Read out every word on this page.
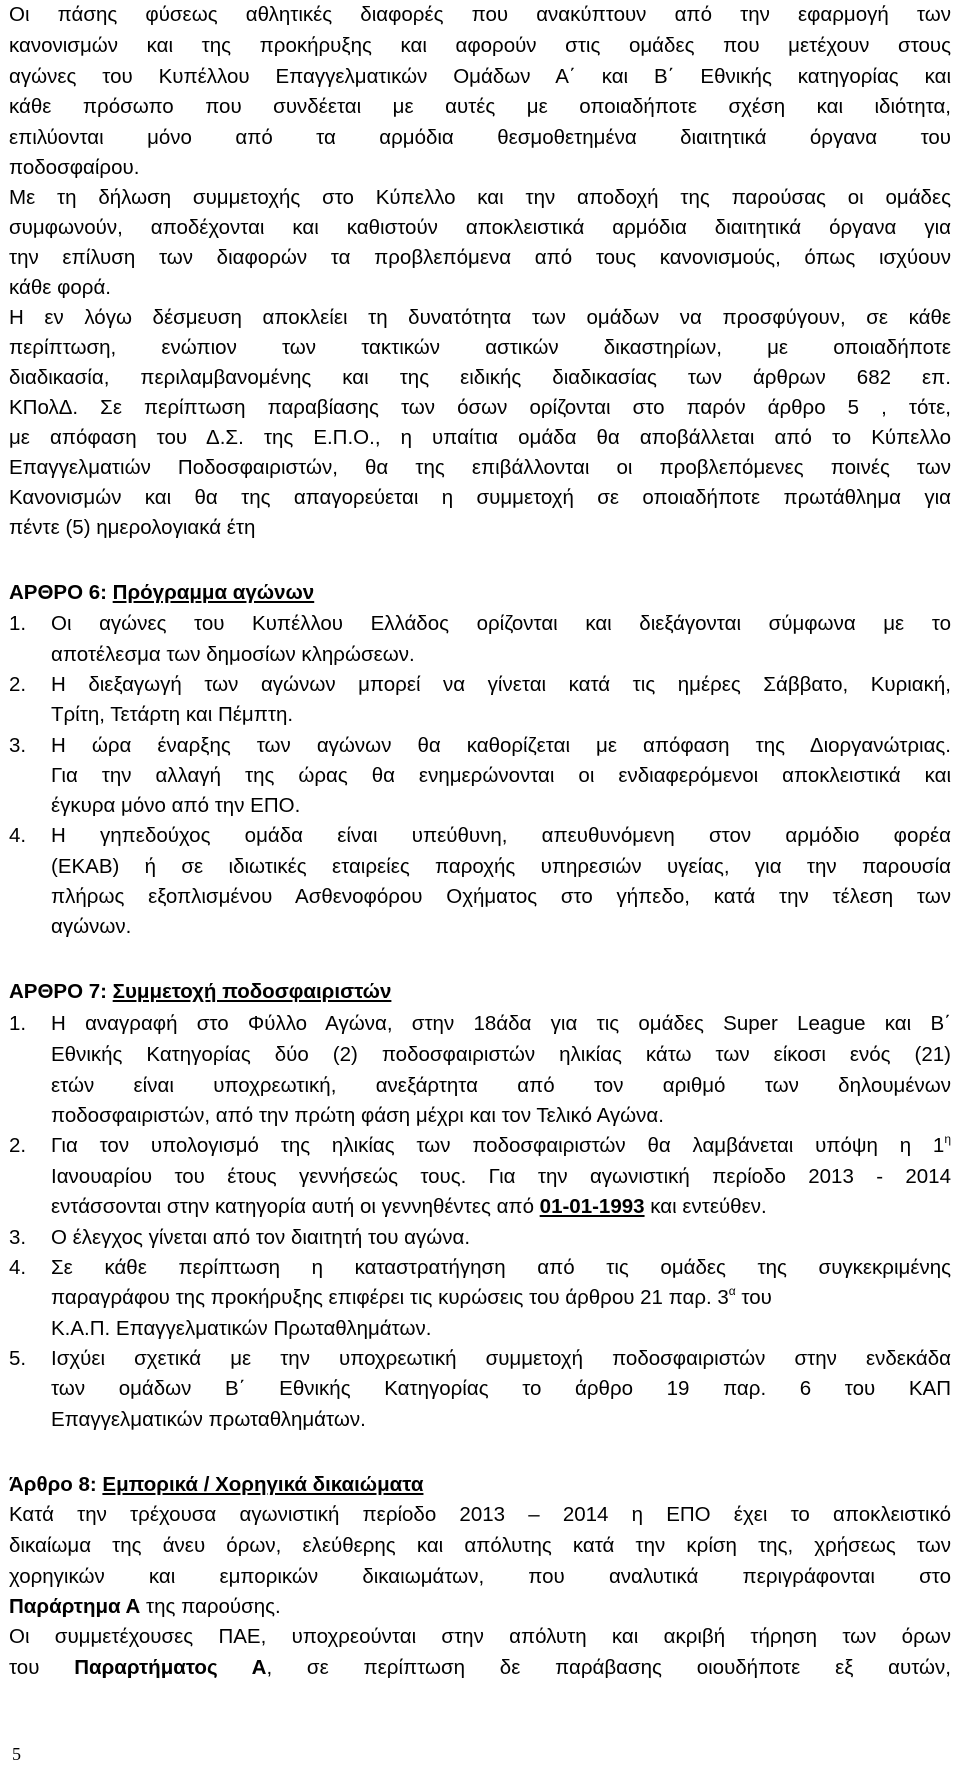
Οι πάσης φύσεως αθλητικές διαφορές που ανακύπτουν από την εφαρμογή των
κανονισμών και της προκήρυξης και αφορούν στις ομάδες που μετέχουν στους
αγώνες του Κυπέλλου Επαγγελματικών Ομάδων Α΄ και Β΄ Εθνικής κατηγορίας και
κάθε πρόσωπο που συνδέεται με αυτές με οποιαδήποτε σχέση και ιδιότητα,
επιλύονται μόνο από τα αρμόδια θεσμοθετημένα διαιτητικά όργανα του
ποδοσφαίρου.
Με τη δήλωση συμμετοχής στο Κύπελλο και την αποδοχή της παρούσας οι ομάδες
συμφωνούν, αποδέχονται και καθιστούν αποκλειστικά αρμόδια διαιτητικά όργανα για
την επίλυση των διαφορών τα προβλεπόμενα από τους κανονισμούς, όπως ισχύουν
κάθε φορά.
Η εν λόγω δέσμευση αποκλείει τη δυνατότητα των ομάδων να προσφύγουν, σε κάθε
περίπτωση, ενώπιον των τακτικών αστικών δικαστηρίων, με οποιαδήποτε
διαδικασία, περιλαμβανομένης και της ειδικής διαδικασίας των άρθρων 682 επ.
ΚΠολΔ. Σε περίπτωση παραβίασης των όσων ορίζονται στο παρόν άρθρο 5 , τότε,
με απόφαση του Δ.Σ. της Ε.Π.Ο., η υπαίτια ομάδα θα αποβάλλεται από το Κύπελλο
Επαγγελματιών Ποδοσφαιριστών, θα της επιβάλλονται οι προβλεπόμενες ποινές των
Κανονισμών και θα της απαγορεύεται η συμμετοχή σε οποιαδήποτε πρωτάθλημα για
πέντε (5) ημερολογιακά έτη
ΑΡΘΡΟ 6: Πρόγραμμα αγώνων
1.	Οι αγώνες του Κυπέλλου Ελλάδος ορίζονται και διεξάγονται σύμφωνα με το
αποτέλεσμα των δημοσίων κληρώσεων.
2.	Η διεξαγωγή των αγώνων μπορεί να γίνεται κατά τις ημέρες Σάββατο, Κυριακή,
Τρίτη, Τετάρτη και Πέμπτη.
3.	Η ώρα έναρξης των αγώνων θα καθορίζεται με απόφαση της Διοργανώτριας.
Για την αλλαγή της ώρας θα ενημερώνονται οι ενδιαφερόμενοι αποκλειστικά και
έγκυρα μόνο από την ΕΠΟ.
4.	Η γηπεδούχος ομάδα είναι υπεύθυνη, απευθυνόμενη στον αρμόδιο φορέα
(ΕΚΑΒ) ή σε ιδιωτικές εταιρείες παροχής υπηρεσιών υγείας, για την παρουσία
πλήρως εξοπλισμένου Ασθενοφόρου Οχήματος στο γήπεδο, κατά την τέλεση των
αγώνων.
ΑΡΘΡΟ 7: Συμμετοχή ποδοσφαιριστών
1.	Η αναγραφή στο Φύλλο Αγώνα, στην 18άδα για τις ομάδες Super League και Β΄
Εθνικής Κατηγορίας δύο (2) ποδοσφαιριστών ηλικίας κάτω των είκοσι ενός (21)
ετών είναι υποχρεωτική, ανεξάρτητα από τον αριθμό των δηλουμένων
ποδοσφαιριστών, από την πρώτη φάση μέχρι και τον Τελικό Αγώνα.
2.	Για τον υπολογισμό της ηλικίας των ποδοσφαιριστών θα λαμβάνεται υπόψη η $1^\eta$
Ιανουαρίου του έτους γεννήσεώς τους. Για την αγωνιστική περίοδο 2013 - 2014
εντάσσονται στην κατηγορία αυτή οι γεννηθέντες από 01-01-1993 και εντεύθεν.
3.	Ο έλεγχος γίνεται από τον διαιτητή του αγώνα.
4.	Σε κάθε περίπτωση η καταστρατήγηση από τις ομάδες της συγκεκριμένης
παραγράφου της προκήρυξης επιφέρει τις κυρώσεις του άρθρου 21 παρ. $3^\alpha$ του
Κ.Α.Π. Επαγγελματικών Πρωταθλημάτων.
5.	Ισχύει σχετικά με την υποχρεωτική συμμετοχή ποδοσφαιριστών στην ενδεκάδα
των ομάδων Β΄ Εθνικής Κατηγορίας το άρθρο 19 παρ. 6 του ΚΑΠ
Επαγγελματικών πρωταθλημάτων.
Άρθρο 8: Εμπορικά / Χορηγικά δικαιώματα
Κατά την τρέχουσα αγωνιστική περίοδο 2013 – 2014 η ΕΠΟ έχει το αποκλειστικό
δικαίωμα της άνευ όρων, ελεύθερης και απόλυτης κατά την κρίση της, χρήσεως των
χορηγικών και εμπορικών δικαιωμάτων, που αναλυτικά περιγράφονται στο
Παράρτημα Α της παρούσης.
Οι συμμετέχουσες ΠΑΕ, υποχρεούνται στην απόλυτη και ακριβή τήρηση των όρων
του Παραρτήματος Α, σε περίπτωση δε παράβασης οιουδήποτε εξ αυτών,
5
